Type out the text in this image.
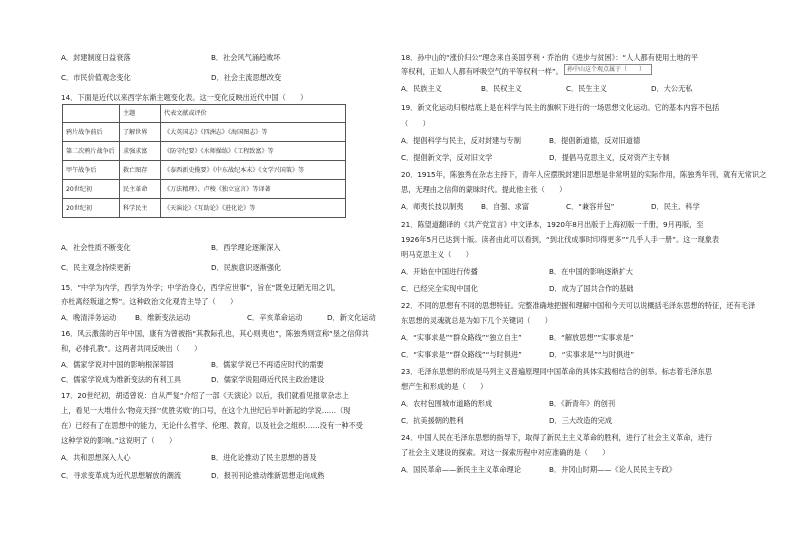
A．封建制度日益衰落	B．社会风气涌趋败坏
C．市民价值观念变化	D．社会主流思想改变
14．下面是近代以来西学东渐主题变化表。这一变化反映出近代中国（　　）
	主题	代表文献或评价
鸦片战争前后	了解世界	《大英国志》《四洲志》《海国图志》等
第二次鸦片战争后	求强求富	《防守纪要》《水师操练》《工程致富》等
甲午战争后	救亡图存	《泰西新史揽要》《中东战纪本末》《文学兴国策》等
20世纪初	民主革命	《万法精理》、卢梭《独立宣言》等译著
20世纪初	科学民主	《天演论》《互助论》《进化论》等
A．社会性质不断变化	B．西学理论逐渐深入
C．民主观念持续更新	D．民族意识逐渐强化
15．“中学为内学，西学为外学；中学治身心，西学应世事”，旨在“既免迂陋无用之讥，
亦杜离经叛道之弊”。这种政治文化观肯主导了（　　）
A．晚清洋务运动	B．维新变法运动	C．辛亥革命运动	D．新文化运动
16．风云激荡的百年中国，康有为曾被指“其教际孔也，其心则夷也”，陈独秀则宣称“垦之信仰共
和，必排孔教”。这两者共同反映出（　　）
A．儒家学说对中国的影响根深蒂固	B．儒家学说已不再适应时代的需要
C．儒家学说成为维新变法的有利工具	D．儒家学说阻碍近代民主政治建设
17．20世纪初，胡适曾说：自从严复“介绍了一部《天演论》以后，我们就看见报章杂志上
上，看见一大堆什么‘物竞天择’‘优胜劣败’的口号，在这个九世纪后半叶新起的学说……（现
在）已经有了在思想中的能力，无论什么哲学、伦理、教育，以及社会之组织……没有一种不受
这种学说的影响。”这说明了（　　）
A．共和思想深入人心	B．进化论推动了民主思想的普及
C．寻求变革成为近代思想解放的潮流	D．报刊刊论推动维新思想走向成熟
18．孙中山的“涨价归公”理念来自美国亨利・乔治的《进步与贫困》：“人人都有使用土地的平
等权利，正如人人都有呼吸空气的平等权利一样”。 孙中山这个观点属于（　　）
A．民族主义	B．民权主义	C．民生主义	D．大公无私
19．新文化运动归根结底上是在科学与民主的旗帜下进行的一场思想文化运动。它的基本内容不包括
（　　）
A．提倡科学与民主，反对封建与专制	B．提倡新道德，反对旧道德
C．提倡新文学，反对旧文学	D．提倡马克思主义，反对资产主专制
20．1915年，陈独秀在杂志主持下，青年人应摆脱封建旧思想是非常明显的实际作用，陈独秀年刊，就有无常识之
思，无理由之信仰的蒙昧时代。提此他主张（　　）
A．师夷长技以制夷 B．自强、求富	C．“兼容并包”	D．民主、科学
21．陈望道翻译的《共产党宣言》中文译本，1920年8月出版于上海初版一千册，9月再版，至
1926年5月已达到十版。读者由此可以看到，“到北伐成事时印得更多”“几乎人手一册”。这一现象表
明马克思主义（　　）
A．开始在中国进行传播	B．在中国的影响逐渐扩大
C．已经完全实现中国化	D．成为了国共合作的基础
22．不同的思想有不同的思想特征。完整准确地把握和理解中国和今天可以说概括毛泽东思想的特征，还有毛泽
东思想的灵魂就总是为如下几个关键词（　　）
A．“实事求是”“群众路线”“独立自主”	B．“解放思想”“实事求是”
C．“实事求是”“群众路线”“与时俱进”	D．“实事求是”“与时俱进”
23．毛泽东思想的形成是马列主义普遍原理同中国革命的具体实践相结合的创举。标志着毛泽东思
想产生和形成的是（　　）
A．农村包围城市道路的形成	B．《新青年》的创刊
C．抗美援朝的胜利	D．三大改造的完成
24．中国人民在毛泽东思想的指导下，取得了新民主主义革命的胜利，进行了社会主义革命，进行
了社会主义建设的探索。对这一探索历程中对应准确的是（　　）
A．国民革命——新民主主义革命理论	B．井冈山时期——《论人民民主专政》
